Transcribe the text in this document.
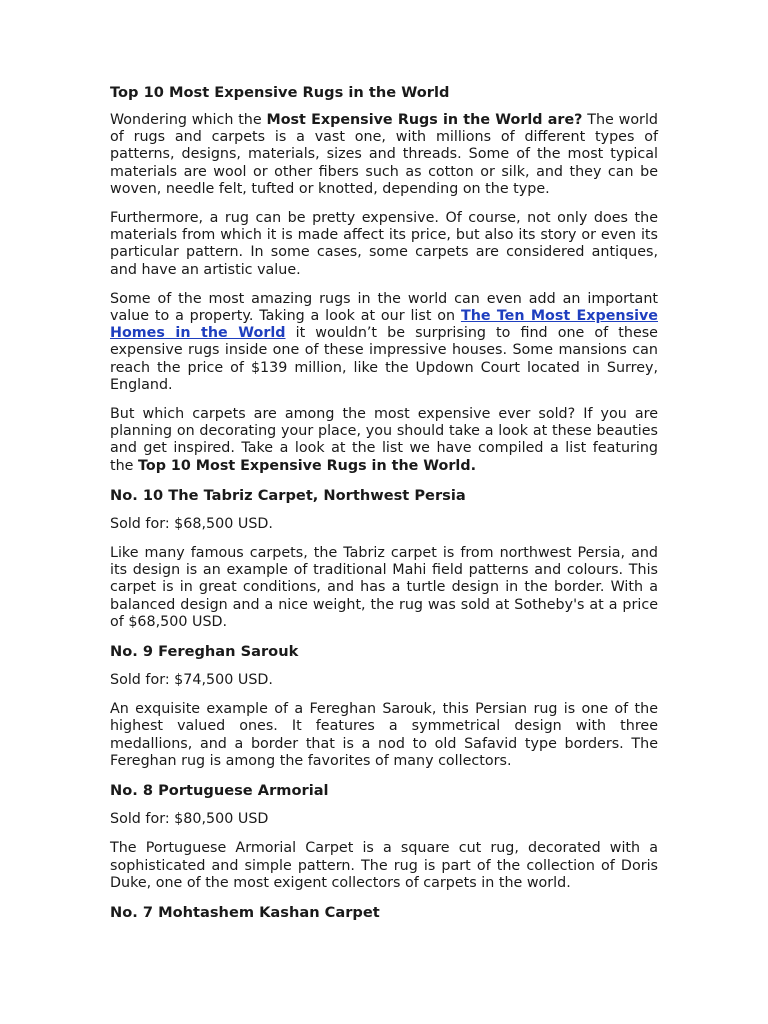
Top 10 Most Expensive Rugs in the World

Wondering which the Most Expensive Rugs in the World are? The world of rugs and carpets is a vast one, with millions of different types of patterns, designs, materials, sizes and threads. Some of the most typical materials are wool or other fibers such as cotton or silk, and they can be woven, needle felt, tufted or knotted, depending on the type.

Furthermore, a rug can be pretty expensive. Of course, not only does the materials from which it is made affect its price, but also its story or even its particular pattern. In some cases, some carpets are considered antiques, and have an artistic value.

Some of the most amazing rugs in the world can even add an important value to a property. Taking a look at our list on The Ten Most Expensive Homes in the World it wouldn’t be surprising to find one of these expensive rugs inside one of these impressive houses. Some mansions can reach the price of $139 million, like the Updown Court located in Surrey, England.

But which carpets are among the most expensive ever sold? If you are planning on decorating your place, you should take a look at these beauties and get inspired. Take a look at the list we have compiled a list featuring the Top 10 Most Expensive Rugs in the World.

No. 10 The Tabriz Carpet, Northwest Persia

Sold for: $68,500 USD.

Like many famous carpets, the Tabriz carpet is from northwest Persia, and its design is an example of traditional Mahi field patterns and colours. This carpet is in great conditions, and has a turtle design in the border. With a balanced design and a nice weight, the rug was sold at Sotheby's at a price of $68,500 USD.

No. 9 Fereghan Sarouk

Sold for: $74,500 USD.

An exquisite example of a Fereghan Sarouk, this Persian rug is one of the highest valued ones. It features a symmetrical design with three medallions, and a border that is a nod to old Safavid type borders. The Fereghan rug is among the favorites of many collectors.

No. 8 Portuguese Armorial

Sold for: $80,500 USD

The Portuguese Armorial Carpet is a square cut rug, decorated with a sophisticated and simple pattern. The rug is part of the collection of Doris Duke, one of the most exigent collectors of carpets in the world.

No. 7 Mohtashem Kashan Carpet
